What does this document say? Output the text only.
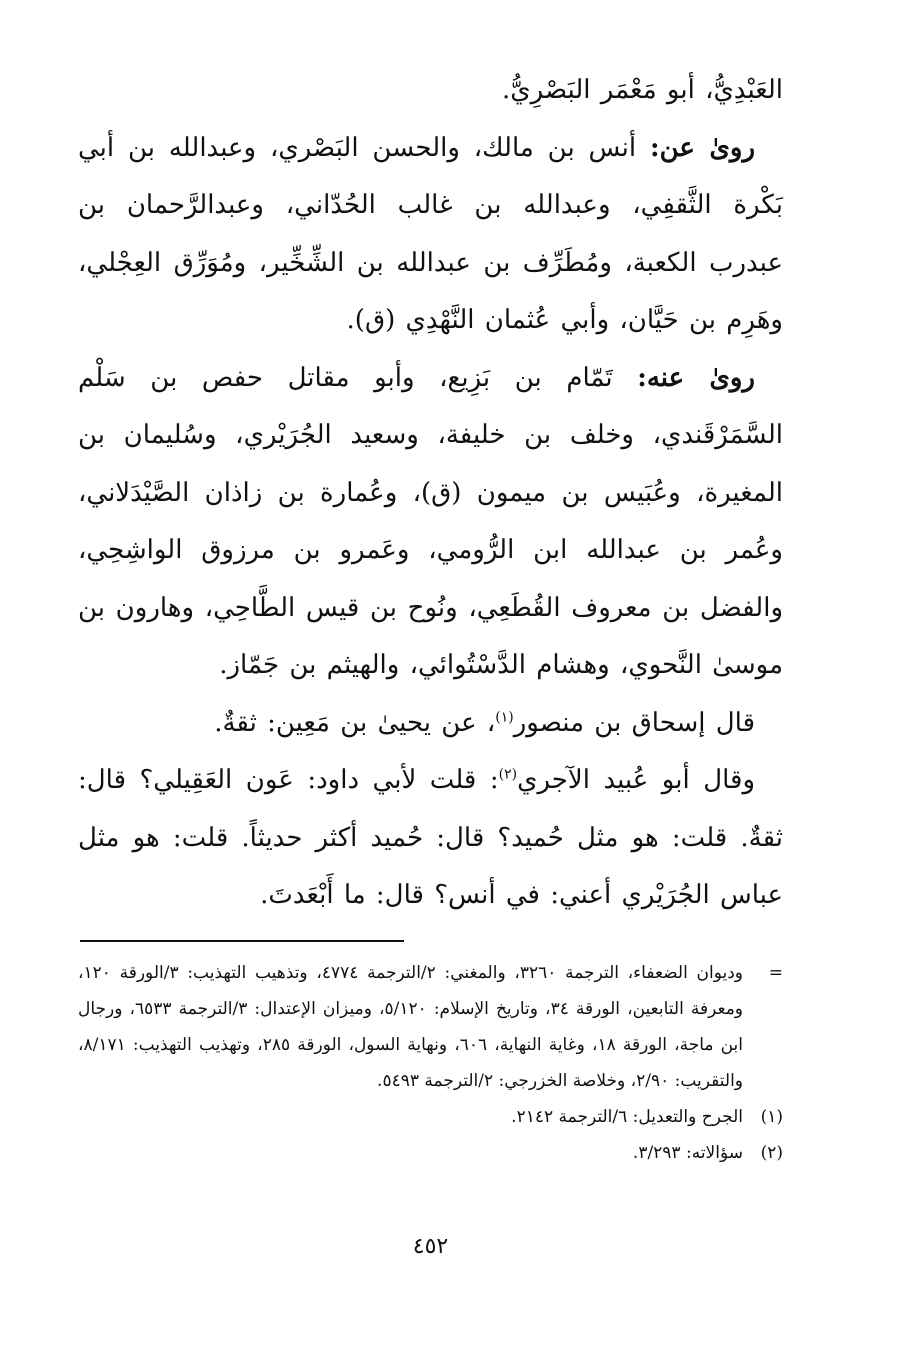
العَبْدِيُّ، أبو مَعْمَر البَصْرِيُّ.

روىٰ عن: أنس بن مالك، والحسن البَصْري، وعبدالله بن أبي بَكْرة الثَّقفِي، وعبدالله بن غالب الحُدّاني، وعبدالرَّحمان بن عبدرب الكعبة، ومُطَرِّف بن عبدالله بن الشِّخِّير، ومُوَرِّق العِجْلي، وهَرِم بن حَيَّان، وأبي عُثمان النَّهْدِي (ق).

روىٰ عنه: تَمّام بن بَزِيع، وأبو مقاتل حفص بن سَلْم السَّمَرْقَندي، وخلف بن خليفة، وسعيد الجُرَيْري، وسُليمان بن المغيرة، وعُبَيس بن ميمون (ق)، وعُمارة بن زاذان الصَّيْدَلاني، وعُمر بن عبدالله ابن الرُّومي، وعَمرو بن مرزوق الواشِحِي، والفضل بن معروف القُطَعِي، ونُوح بن قيس الطَّاحِي، وهارون بن موسىٰ النَّحوي، وهشام الدَّسْتُوائي، والهيثم بن جَمّاز.

قال إسحاق بن منصور$^{(١)}$، عن يحيىٰ بن مَعِين: ثقةٌ.

وقال أبو عُبيد الآجري$^{(٢)}$: قلت لأبي داود: عَون العَقِيلي؟ قال: ثقةٌ. قلت: هو مثل حُميد؟ قال: حُميد أكثر حديثاً. قلت: هو مثل عباس الجُرَيْري أعني: في أنس؟ قال: ما أَبْعَدتَ.

=
وديوان الضعفاء، الترجمة ٣٢٦٠، والمغني: ٢/الترجمة ٤٧٧٤، وتذهيب التهذيب: ٣/الورقة ١٢٠، ومعرفة التابعين، الورقة ٣٤، وتاريخ الإسلام: ٥/١٢٠، وميزان الإعتدال: ٣/الترجمة ٦٥٣٣، ورجال ابن ماجة، الورقة ١٨، وغاية النهاية، ٦٠٦، ونهاية السول، الورقة ٢٨٥، وتهذيب التهذيب: ٨/١٧١، والتقريب: ٢/٩٠، وخلاصة الخزرجي: ٢/الترجمة ٥٤٩٣.
(١)
الجرح والتعديل: ٦/الترجمة ٢١٤٢.
(٢)
سؤالاته: ٣/٢٩٣.
٤٥٢
